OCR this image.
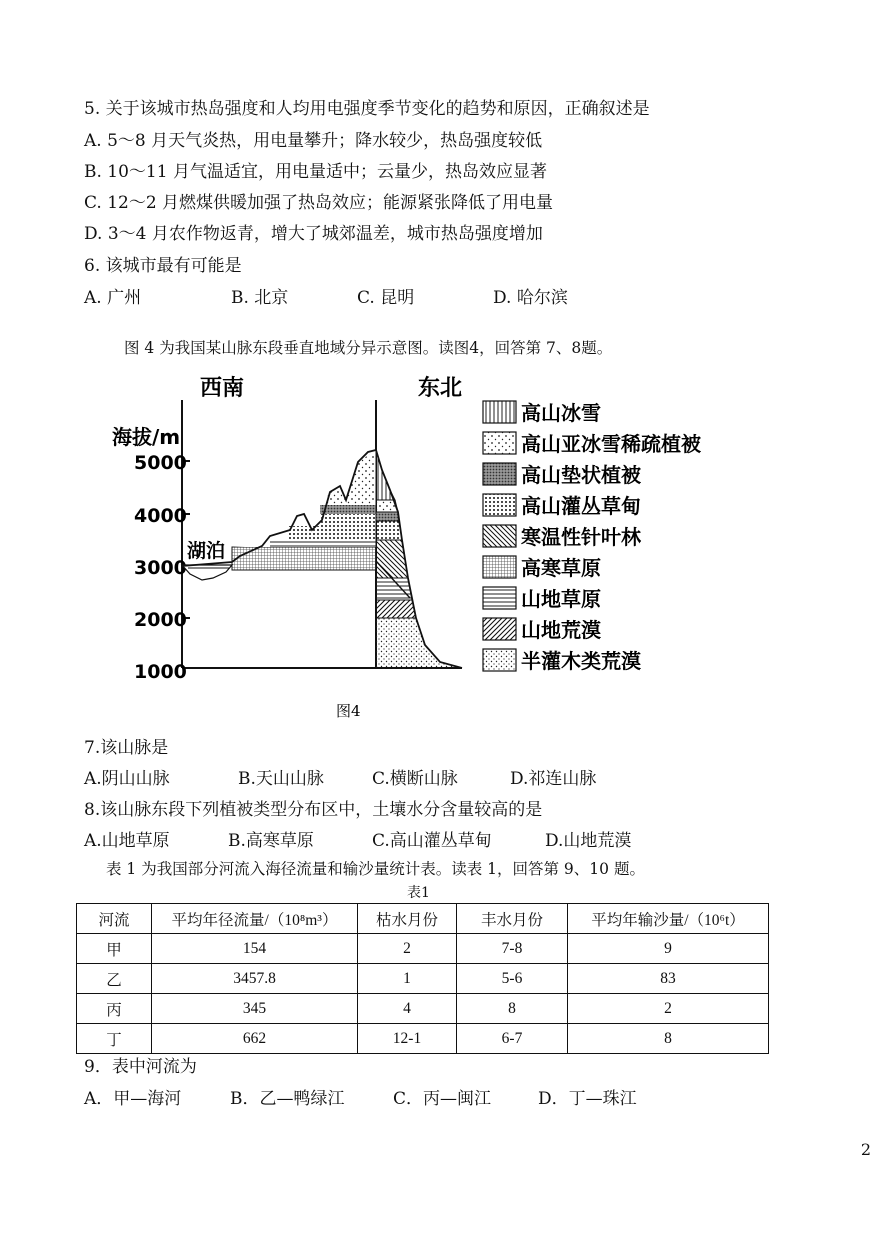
5. 关于该城市热岛强度和人均用电强度季节变化的趋势和原因，正确叙述是
A. 5～8 月天气炎热，用电量攀升；降水较少，热岛强度较低
B. 10～11 月气温适宜，用电量适中；云量少，热岛效应显著
C. 12～2 月燃煤供暖加强了热岛效应；能源紧张降低了用电量
D. 3～4 月农作物返青，增大了城郊温差，城市热岛强度增加
6. 该城市最有可能是
A. 广州	B. 北京	C. 昆明	D. 哈尔滨
图 4 为我国某山脉东段垂直地域分异示意图。读图4，回答第 7、8题。
西南	东北
海拔/m
5000
4000
3000
2000
1000
湖泊
高山冰雪
高山亚冰雪稀疏植被
高山垫状植被
高山灌丛草甸
寒温性针叶林
高寒草原
山地草原
山地荒漠
半灌木类荒漠
图4
7.该山脉是
A.阴山山脉	B.天山山脉	C.横断山脉	D.祁连山脉
8.该山脉东段下列植被类型分布区中，土壤水分含量较高的是
A.山地草原	B.高寒草原	C.高山灌丛草甸	D.山地荒漠
表 1 为我国部分河流入海径流量和输沙量统计表。读表 1，回答第 9、10 题。
表1
河流	平均年径流量/（10⁸m³）	枯水月份	丰水月份	平均年输沙量/（10⁶t）
甲	154	2	7-8	9
乙	3457.8	1	5-6	83
丙	345	4	8	2
丁	662	12-1	6-7	8
9．表中河流为
A．甲—海河	B．乙—鸭绿江	C．丙—闽江	D．丁—珠江
2
